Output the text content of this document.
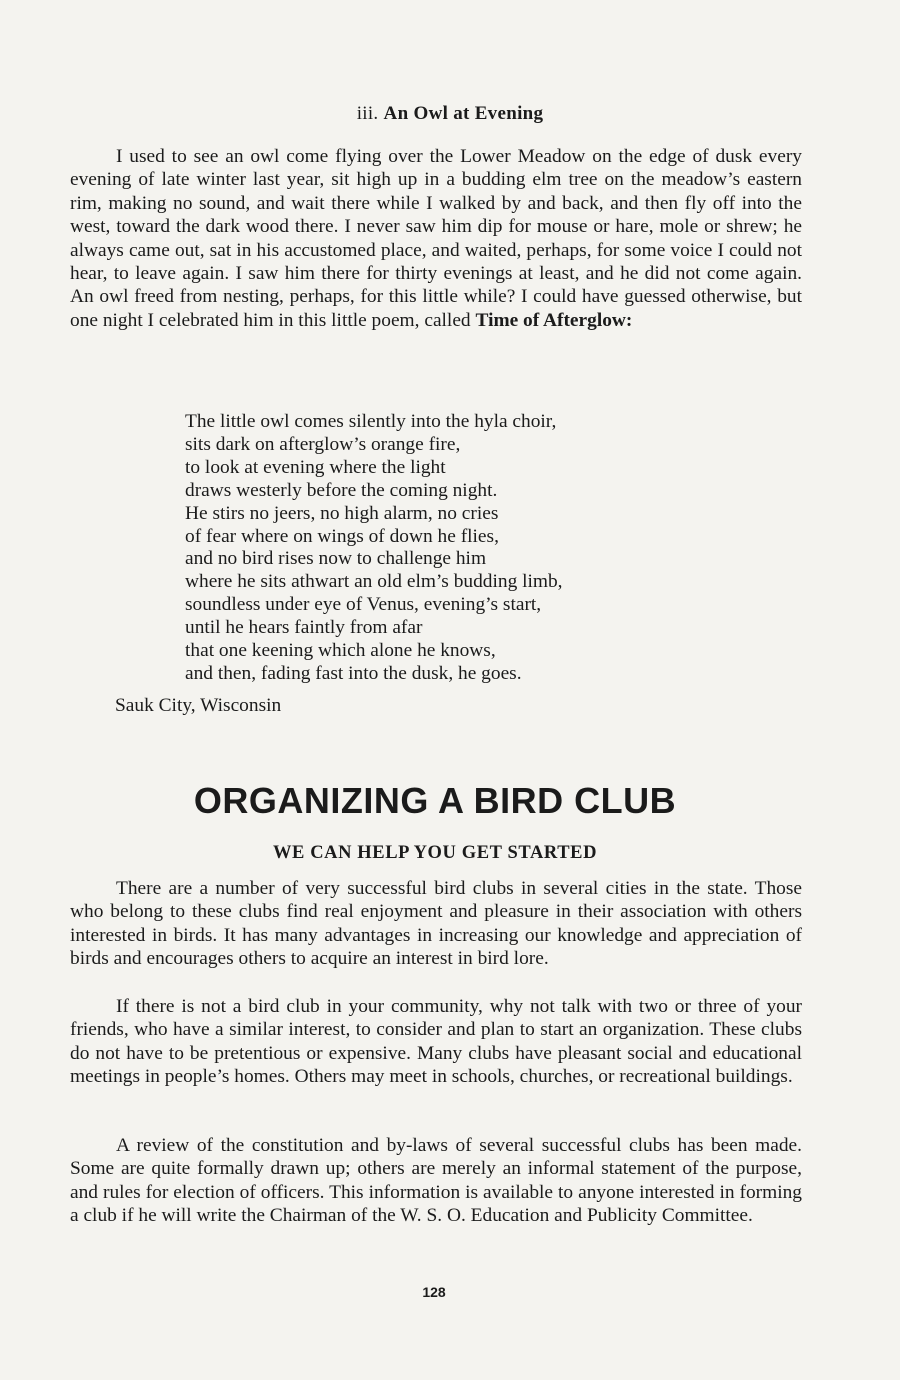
iii. An Owl at Evening

I used to see an owl come flying over the Lower Meadow on the edge of dusk every evening of late winter last year, sit high up in a budding elm tree on the meadow’s eastern rim, making no sound, and wait there while I walked by and back, and then fly off into the west, toward the dark wood there. I never saw him dip for mouse or hare, mole or shrew; he always came out, sat in his accustomed place, and waited, perhaps, for some voice I could not hear, to leave again. I saw him there for thirty evenings at least, and he did not come again. An owl freed from nesting, perhaps, for this little while? I could have guessed otherwise, but one night I celebrated him in this little poem, called Time of Afterglow:

The little owl comes silently into the hyla choir,
sits dark on afterglow’s orange fire,
to look at evening where the light
draws westerly before the coming night.
He stirs no jeers, no high alarm, no cries
of fear where on wings of down he flies,
and no bird rises now to challenge him
where he sits athwart an old elm’s budding limb,
soundless under eye of Venus, evening’s start,
until he hears faintly from afar
that one keening which alone he knows,
and then, fading fast into the dusk, he goes.
Sauk City, Wisconsin
ORGANIZING A BIRD CLUB
WE CAN HELP YOU GET STARTED

There are a number of very successful bird clubs in several cities in the state. Those who belong to these clubs find real enjoyment and pleasure in their association with others interested in birds. It has many advantages in increasing our knowledge and appreciation of birds and encourages others to acquire an interest in bird lore.

If there is not a bird club in your community, why not talk with two or three of your friends, who have a similar interest, to consider and plan to start an organization. These clubs do not have to be pretentious or expensive. Many clubs have pleasant social and educational meetings in people’s homes. Others may meet in schools, churches, or recreational buildings.

A review of the constitution and by-laws of several successful clubs has been made. Some are quite formally drawn up; others are merely an informal statement of the purpose, and rules for election of officers. This information is available to anyone interested in forming a club if he will write the Chairman of the W. S. O. Education and Publicity Committee.

128
